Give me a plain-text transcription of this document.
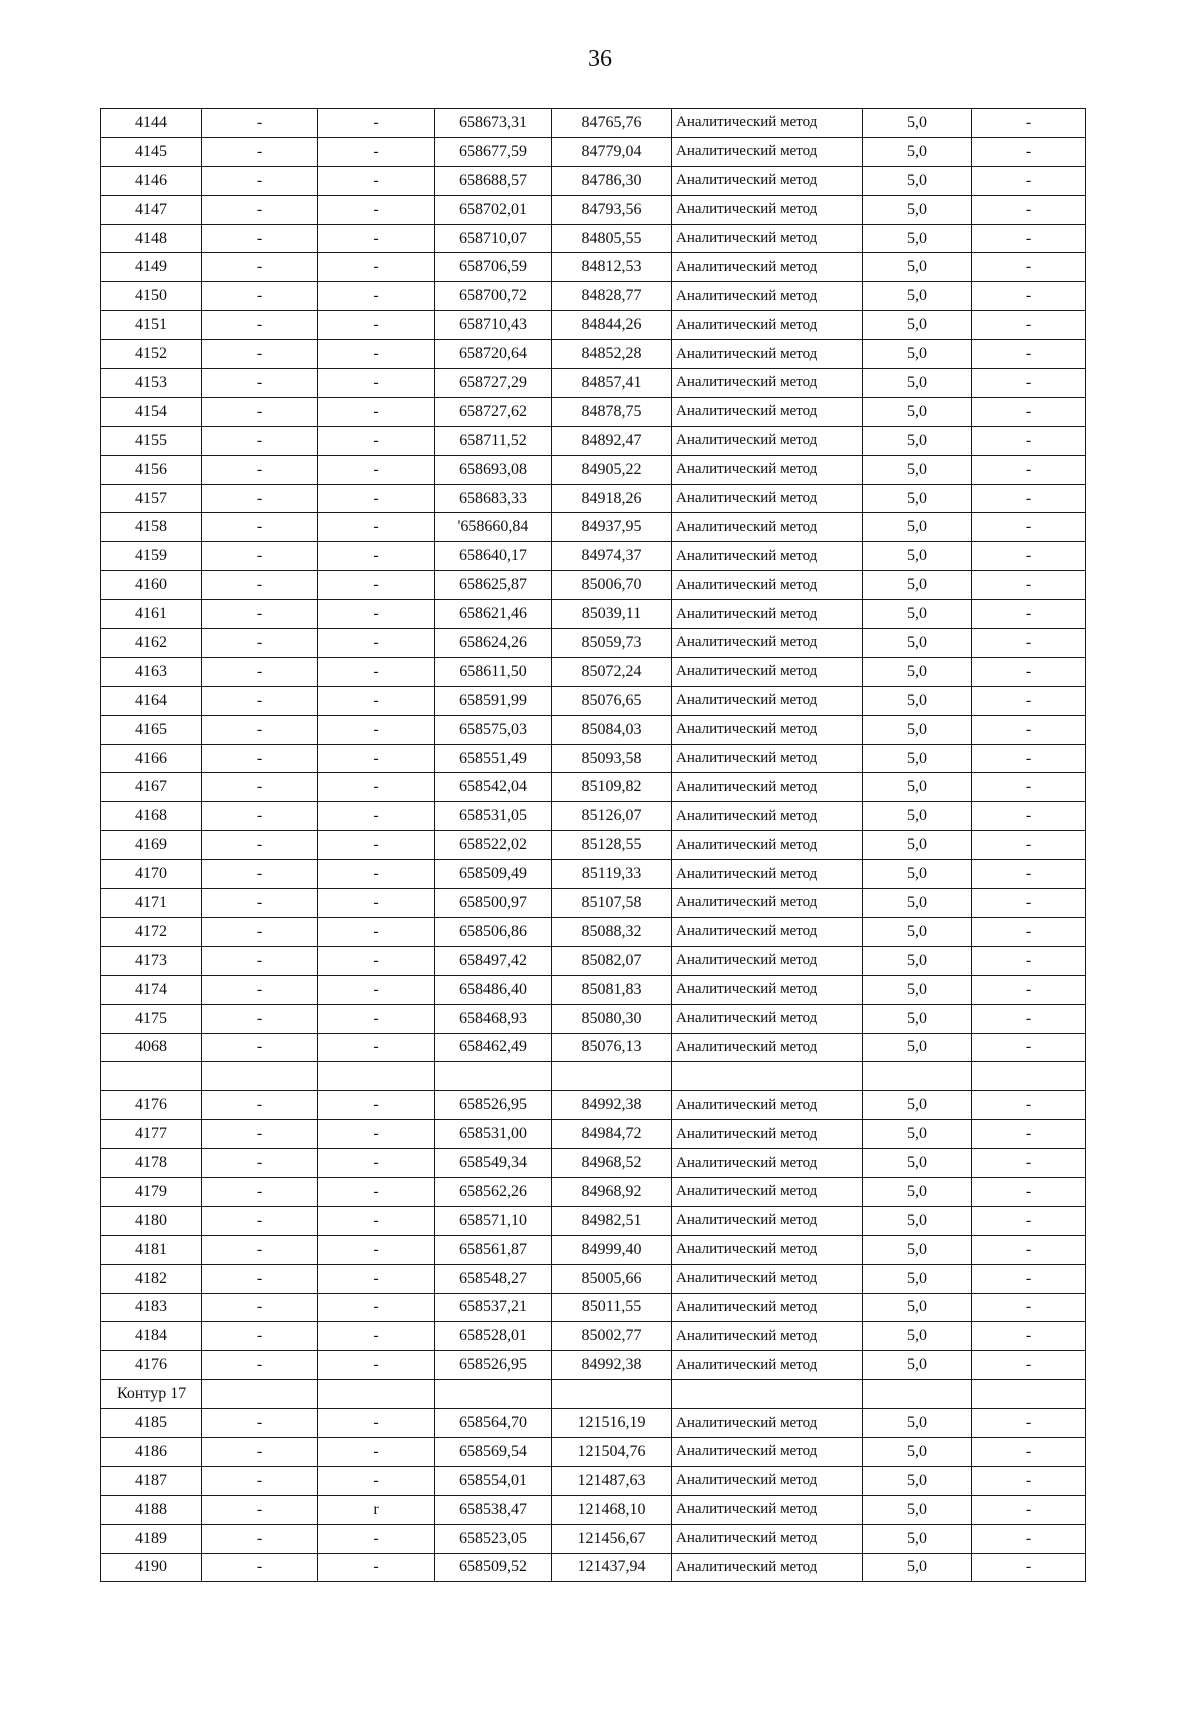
36
4144	-	-	658673,31	84765,76	Аналитический метод	5,0	-
4145	-	-	658677,59	84779,04	Аналитический метод	5,0	-
4146	-	-	658688,57	84786,30	Аналитический метод	5,0	-
4147	-	-	658702,01	84793,56	Аналитический метод	5,0	-
4148	-	-	658710,07	84805,55	Аналитический метод	5,0	-
4149	-	-	658706,59	84812,53	Аналитический метод	5,0	-
4150	-	-	658700,72	84828,77	Аналитический метод	5,0	-
4151	-	-	658710,43	84844,26	Аналитический метод	5,0	-
4152	-	-	658720,64	84852,28	Аналитический метод	5,0	-
4153	-	-	658727,29	84857,41	Аналитический метод	5,0	-
4154	-	-	658727,62	84878,75	Аналитический метод	5,0	-
4155	-	-	658711,52	84892,47	Аналитический метод	5,0	-
4156	-	-	658693,08	84905,22	Аналитический метод	5,0	-
4157	-	-	658683,33	84918,26	Аналитический метод	5,0	-
4158	-	-	'658660,84	84937,95	Аналитический метод	5,0	-
4159	-	-	658640,17	84974,37	Аналитический метод	5,0	-
4160	-	-	658625,87	85006,70	Аналитический метод	5,0	-
4161	-	-	658621,46	85039,11	Аналитический метод	5,0	-
4162	-	-	658624,26	85059,73	Аналитический метод	5,0	-
4163	-	-	658611,50	85072,24	Аналитический метод	5,0	-
4164	-	-	658591,99	85076,65	Аналитический метод	5,0	-
4165	-	-	658575,03	85084,03	Аналитический метод	5,0	-
4166	-	-	658551,49	85093,58	Аналитический метод	5,0	-
4167	-	-	658542,04	85109,82	Аналитический метод	5,0	-
4168	-	-	658531,05	85126,07	Аналитический метод	5,0	-
4169	-	-	658522,02	85128,55	Аналитический метод	5,0	-
4170	-	-	658509,49	85119,33	Аналитический метод	5,0	-
4171	-	-	658500,97	85107,58	Аналитический метод	5,0	-
4172	-	-	658506,86	85088,32	Аналитический метод	5,0	-
4173	-	-	658497,42	85082,07	Аналитический метод	5,0	-
4174	-	-	658486,40	85081,83	Аналитический метод	5,0	-
4175	-	-	658468,93	85080,30	Аналитический метод	5,0	-
4068	-	-	658462,49	85076,13	Аналитический метод	5,0	-

4176	-	-	658526,95	84992,38	Аналитический метод	5,0	-
4177	-	-	658531,00	84984,72	Аналитический метод	5,0	-
4178	-	-	658549,34	84968,52	Аналитический метод	5,0	-
4179	-	-	658562,26	84968,92	Аналитический метод	5,0	-
4180	-	-	658571,10	84982,51	Аналитический метод	5,0	-
4181	-	-	658561,87	84999,40	Аналитический метод	5,0	-
4182	-	-	658548,27	85005,66	Аналитический метод	5,0	-
4183	-	-	658537,21	85011,55	Аналитический метод	5,0	-
4184	-	-	658528,01	85002,77	Аналитический метод	5,0	-
4176	-	-	658526,95	84992,38	Аналитический метод	5,0	-
Контур 17							
4185	-	-	658564,70	121516,19	Аналитический метод	5,0	-
4186	-	-	658569,54	121504,76	Аналитический метод	5,0	-
4187	-	-	658554,01	121487,63	Аналитический метод	5,0	-
4188	-	r	658538,47	121468,10	Аналитический метод	5,0	-
4189	-	-	658523,05	121456,67	Аналитический метод	5,0	-
4190	-	-	658509,52	121437,94	Аналитический метод	5,0	-
